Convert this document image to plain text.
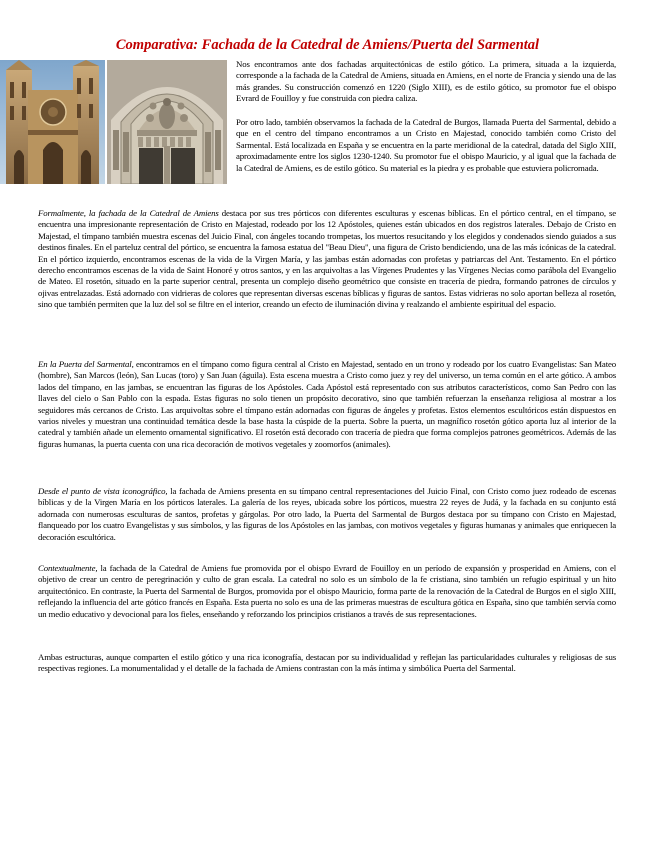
Comparativa: Fachada de la Catedral de Amiens/Puerta del Sarmental

Nos encontramos ante dos fachadas arquitectónicas de estilo gótico. La primera, situada a la izquierda, corresponde a la fachada de la Catedral de Amiens, situada en Amiens, en el norte de Francia y siendo una de las más grandes. Su construcción comenzó en 1220 (Siglo XIII), es de estilo gótico, su promotor fue el obispo Evrard de Fouilloy y fue construida con piedra caliza.

Por otro lado, también observamos la fachada de la Catedral de Burgos, llamada Puerta del Sarmental, debido a que en el centro del tímpano encontramos a un Cristo en Majestad, conocido también como Cristo del Sarmental. Está localizada en España y se encuentra en la parte meridional de la catedral, datada del Siglo XIII, aproximadamente entre los siglos 1230-1240. Su promotor fue el obispo Mauricio, y al igual que la fachada de la Catedral de Amiens, es de estilo gótico. Su material es la piedra y es probable que estuviera policromada.

Formalmente, la fachada de la Catedral de Amiens destaca por sus tres pórticos con diferentes esculturas y escenas bíblicas. En el pórtico central, en el tímpano, se encuentra una impresionante representación de Cristo en Majestad, rodeado por los 12 Apóstoles, quienes están ubicados en dos registros laterales. Debajo de Cristo en Majestad, el tímpano también muestra escenas del Juicio Final, con ángeles tocando trompetas, los muertos resucitando y los elegidos y condenados siendo guiados a sus destinos finales. En el parteluz central del pórtico, se encuentra la famosa estatua del "Beau Dieu", una figura de Cristo bendiciendo, una de las más icónicas de la catedral. En el pórtico izquierdo, encontramos escenas de la vida de la Virgen María, y las jambas están adornadas con profetas y patriarcas del Ant. Testamento. En el pórtico derecho encontramos escenas de la vida de Saint Honoré y otros santos, y en las arquivoltas a las Vírgenes Prudentes y las Vírgenes Necias como parábola del Evangelio de Mateo. El rosetón, situado en la parte superior central, presenta un complejo diseño geométrico que consiste en tracería de piedra, formando patrones de círculos y ojivas entrelazadas. Está adornado con vidrieras de colores que representan diversas escenas bíblicas y figuras de santos. Estas vidrieras no solo aportan belleza al rosetón, sino que también permiten que la luz del sol se filtre en el interior, creando un efecto de iluminación divina y realzando el ambiente espiritual del espacio.

En la Puerta del Sarmental, encontramos en el tímpano como figura central al Cristo en Majestad, sentado en un trono y rodeado por los cuatro Evangelistas: San Mateo (hombre), San Marcos (león), San Lucas (toro) y San Juan (águila). Esta escena muestra a Cristo como juez y rey del universo, un tema común en el arte gótico. A ambos lados del tímpano, en las jambas, se encuentran las figuras de los Apóstoles. Cada Apóstol está representado con sus atributos característicos, como San Pedro con las llaves del cielo o San Pablo con la espada. Estas figuras no solo tienen un propósito decorativo, sino que también refuerzan la enseñanza religiosa al mostrar a los seguidores más cercanos de Cristo. Las arquivoltas sobre el tímpano están adornadas con figuras de ángeles y profetas. Estos elementos escultóricos están dispuestos en varios niveles y muestran una continuidad temática desde la base hasta la cúspide de la puerta. Sobre la puerta, un magnífico rosetón gótico aporta luz al interior de la catedral y también añade un elemento ornamental significativo. El rosetón está decorado con tracería de piedra que forma complejos patrones geométricos. Además de las figuras humanas, la puerta cuenta con una rica decoración de motivos vegetales y zoomorfos (animales).

Desde el punto de vista iconográfico, la fachada de Amiens presenta en su tímpano central representaciones del Juicio Final, con Cristo como juez rodeado de escenas bíblicas y de la Virgen María en los pórticos laterales. La galería de los reyes, ubicada sobre los pórticos, muestra 22 reyes de Judá, y la fachada en su conjunto está adornada con numerosas esculturas de santos, profetas y gárgolas. Por otro lado, la Puerta del Sarmental de Burgos destaca por su tímpano con Cristo en Majestad, flanqueado por los cuatro Evangelistas y sus símbolos, y las figuras de los Apóstoles en las jambas, con motivos vegetales y figuras humanas y animales que enriquecen la decoración escultórica.

Contextualmente, la fachada de la Catedral de Amiens fue promovida por el obispo Evrard de Fouilloy en un período de expansión y prosperidad en Amiens, con el objetivo de crear un centro de peregrinación y culto de gran escala. La catedral no solo es un símbolo de la fe cristiana, sino también un refugio espiritual y un hito arquitectónico. En contraste, la Puerta del Sarmental de Burgos, promovida por el obispo Mauricio, forma parte de la renovación de la Catedral de Burgos en el siglo XIII, reflejando la influencia del arte gótico francés en España. Esta puerta no solo es una de las primeras muestras de escultura gótica en España, sino que también servía como un medio educativo y devocional para los fieles, enseñando y reforzando los principios cristianos a través de sus representaciones.

Ambas estructuras, aunque comparten el estilo gótico y una rica iconografía, destacan por su individualidad y reflejan las particularidades culturales y religiosas de sus respectivas regiones. La monumentalidad y el detalle de la fachada de Amiens contrastan con la más íntima y simbólica Puerta del Sarmental.
